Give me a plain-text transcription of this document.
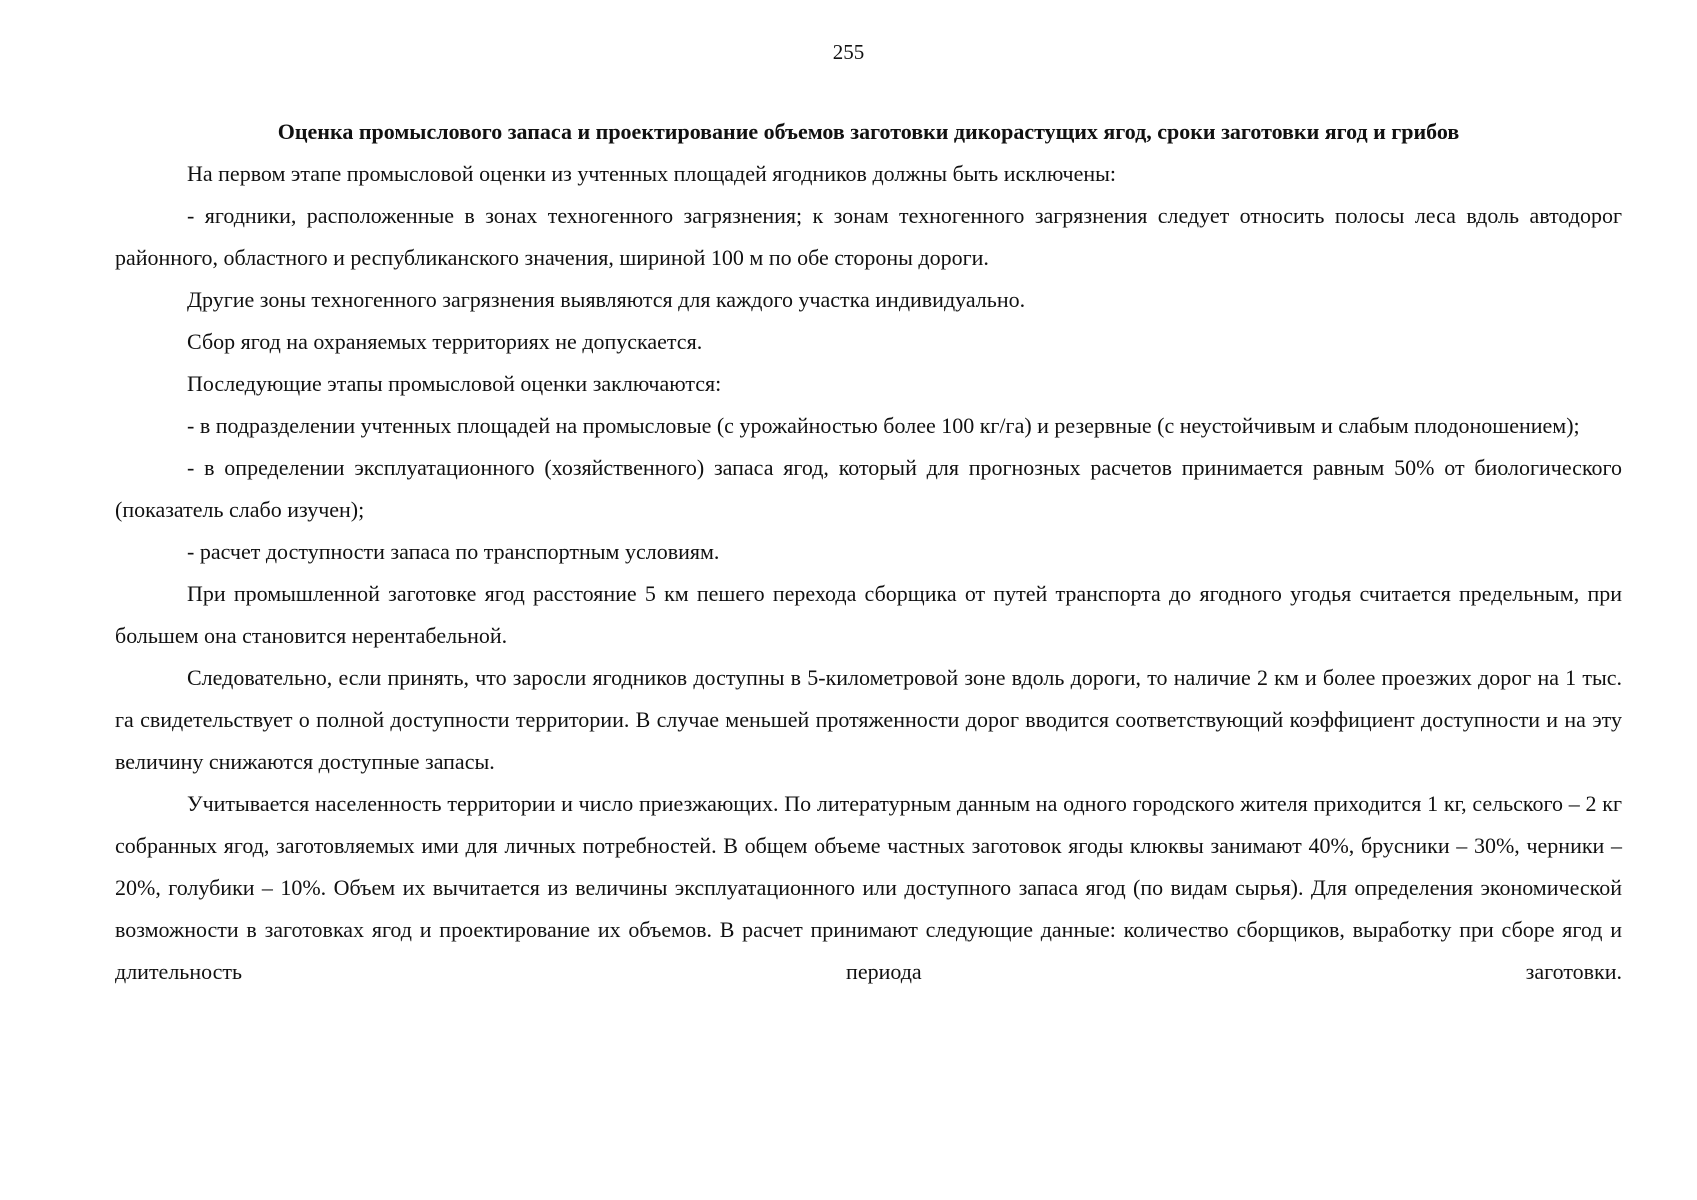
255

Оценка промыслового запаса и проектирование объемов заготовки дикорастущих ягод, сроки заготовки ягод и грибов

На первом этапе промысловой оценки из учтенных площадей ягодников должны быть исключены:

- ягодники, расположенные в зонах техногенного загрязнения; к зонам техногенного загрязнения следует относить полосы леса вдоль автодорог районного, областного и республиканского значения, шириной 100 м по обе стороны дороги.

Другие зоны техногенного загрязнения выявляются для каждого участка индивидуально.

Сбор ягод на охраняемых территориях не допускается.

Последующие этапы промысловой оценки заключаются:

- в подразделении учтенных площадей на промысловые (с урожайностью более 100 кг/га) и резервные (с неустойчивым и слабым плодоношением);

- в определении эксплуатационного (хозяйственного) запаса ягод, который для прогнозных расчетов принимается равным 50% от биологического (показатель слабо изучен);

- расчет доступности запаса по транспортным условиям.

При промышленной заготовке ягод расстояние 5 км пешего перехода сборщика от путей транспорта до ягодного угодья считается предельным, при большем она становится нерентабельной.

Следовательно, если принять, что заросли ягодников доступны в 5-километровой зоне вдоль дороги, то наличие 2 км и более проезжих дорог на 1 тыс. га свидетельствует о полной доступности территории. В случае меньшей протяженности дорог вводится соответствующий коэффициент доступности и на эту величину снижаются доступные запасы.

Учитывается населенность территории и число приезжающих. По литературным данным на одного городского жителя приходится 1 кг, сельского – 2 кг собранных ягод, заготовляемых ими для личных потребностей. В общем объеме частных заготовок ягоды клюквы занимают 40%, брусники – 30%, черники – 20%, голубики – 10%. Объем их вычитается из величины эксплуатационного или доступного запаса ягод (по видам сырья). Для определения экономической возможности в заготовках ягод и проектирование их объемов. В расчет принимают следующие данные: количество сборщиков, выработку при сборе ягод и длительность периода заготовки.
